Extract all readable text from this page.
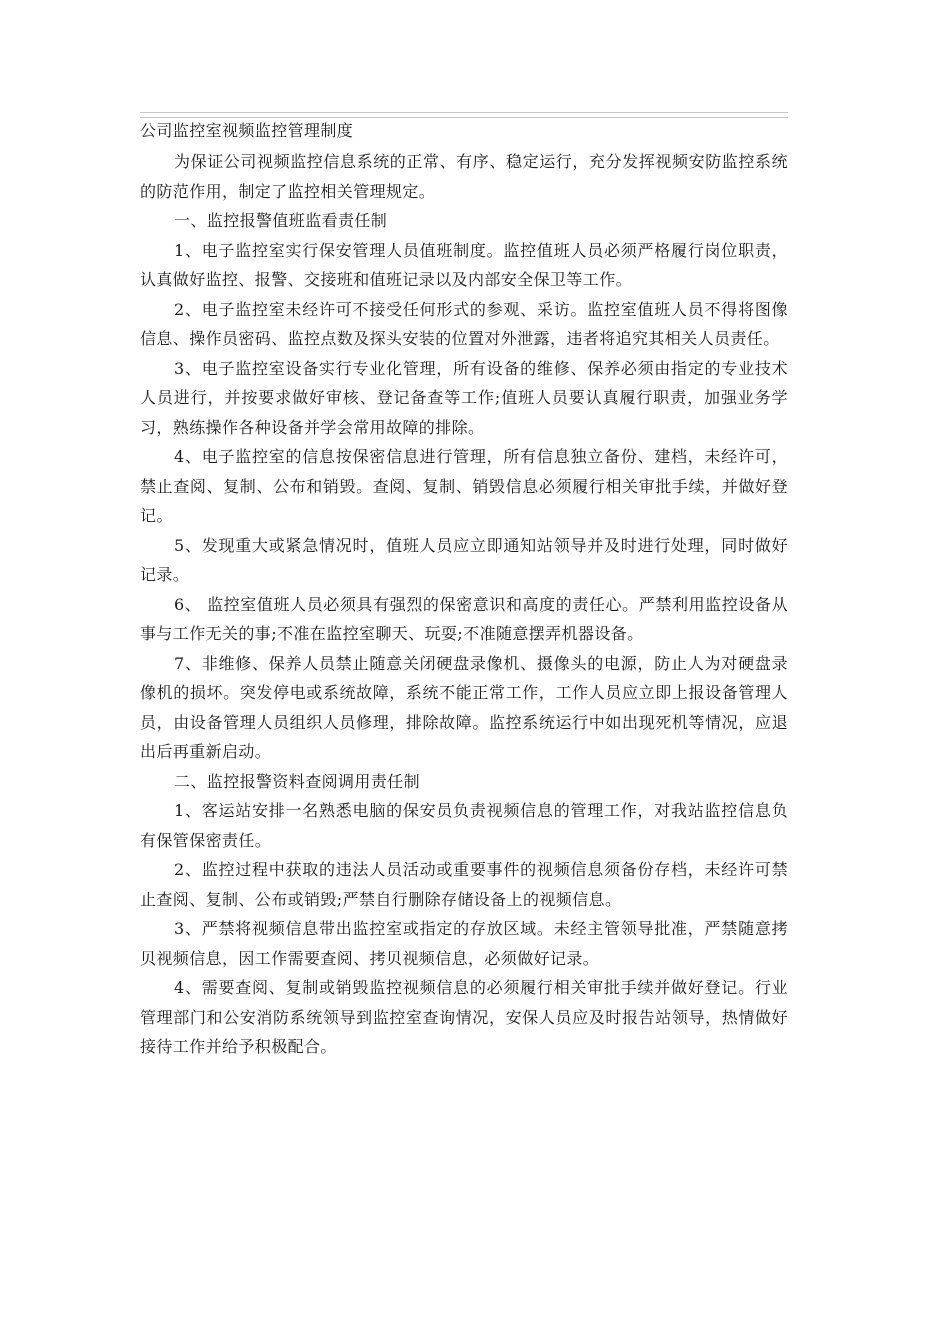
公司监控室视频监控管理制度

为保证公司视频监控信息系统的正常、有序、稳定运行，充分发挥视频安防监控系统的防范作用，制定了监控相关管理规定。

一、监控报警值班监看责任制

1、电子监控室实行保安管理人员值班制度。监控值班人员必须严格履行岗位职责，认真做好监控、报警、交接班和值班记录以及内部安全保卫等工作。

2、电子监控室未经许可不接受任何形式的参观、采访。监控室值班人员不得将图像信息、操作员密码、监控点数及探头安装的位置对外泄露，违者将追究其相关人员责任。

3、电子监控室设备实行专业化管理，所有设备的维修、保养必须由指定的专业技术人员进行，并按要求做好审核、登记备查等工作;值班人员要认真履行职责，加强业务学习，熟练操作各种设备并学会常用故障的排除。

4、电子监控室的信息按保密信息进行管理，所有信息独立备份、建档，未经许可，禁止查阅、复制、公布和销毁。查阅、复制、销毁信息必须履行相关审批手续，并做好登记。

5、发现重大或紧急情况时，值班人员应立即通知站领导并及时进行处理，同时做好记录。

6、 监控室值班人员必须具有强烈的保密意识和高度的责任心。严禁利用监控设备从事与工作无关的事;不准在监控室聊天、玩耍;不准随意摆弄机器设备。

7、非维修、保养人员禁止随意关闭硬盘录像机、摄像头的电源，防止人为对硬盘录像机的损坏。突发停电或系统故障，系统不能正常工作，工作人员应立即上报设备管理人员，由设备管理人员组织人员修理，排除故障。监控系统运行中如出现死机等情况，应退出后再重新启动。

二、监控报警资料查阅调用责任制

1、客运站安排一名熟悉电脑的保安员负责视频信息的管理工作，对我站监控信息负有保管保密责任。

2、监控过程中获取的违法人员活动或重要事件的视频信息须备份存档，未经许可禁止查阅、复制、公布或销毁;严禁自行删除存储设备上的视频信息。

3、严禁将视频信息带出监控室或指定的存放区域。未经主管领导批准，严禁随意拷贝视频信息，因工作需要查阅、拷贝视频信息，必须做好记录。

4、需要查阅、复制或销毁监控视频信息的必须履行相关审批手续并做好登记。行业管理部门和公安消防系统领导到监控室查询情况，安保人员应及时报告站领导，热情做好接待工作并给予积极配合。
